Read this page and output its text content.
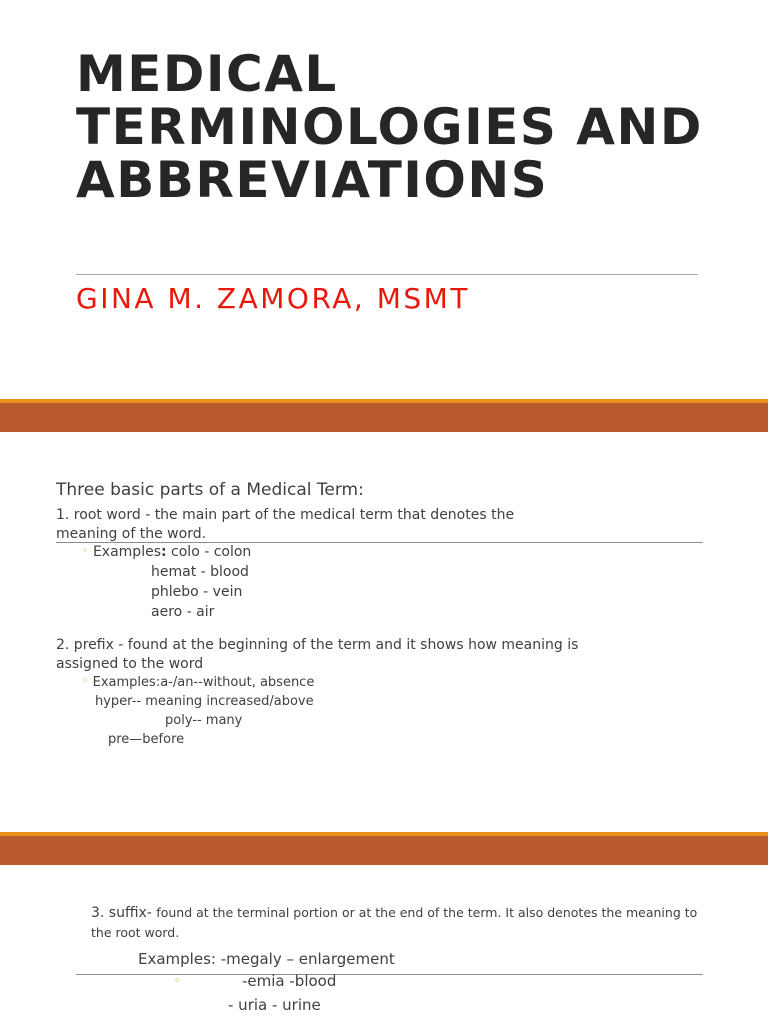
MEDICAL
TERMINOLOGIES AND
ABBREVIATIONS
GINA M. ZAMORA, MSMT
Three basic parts of a Medical Term:
1. root word - the main part of the medical term that denotes the
meaning of the word.
◦ Examples: colo - colon
hemat - blood
phlebo - vein
aero - air
2. prefix - found at the beginning of the term and it shows how meaning is
assigned to the word
◦ Examples:a-/an--without, absence
hyper-- meaning increased/above
poly-- many
pre—before
3. suffix- found at the terminal portion or at the end of the term. It also denotes the meaning to
the root word.
Examples: -megaly – enlargement
◦	-emia -blood
- uria - urine
